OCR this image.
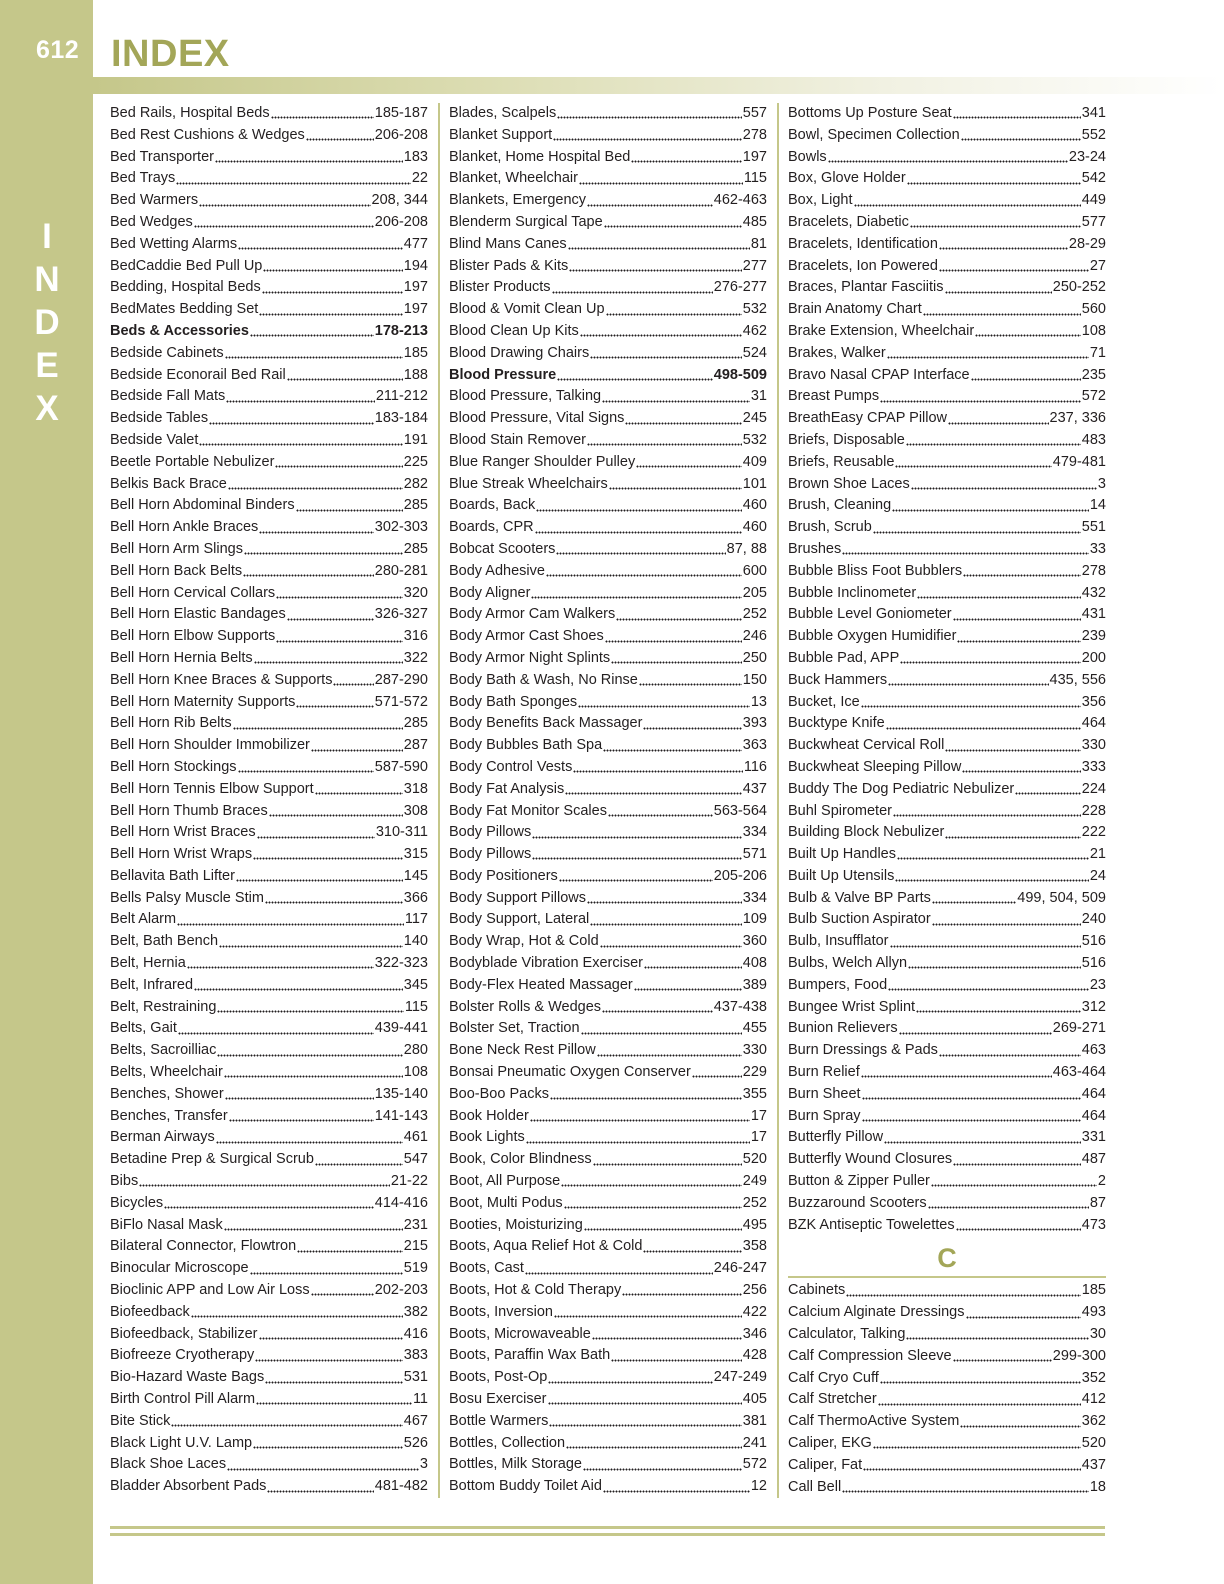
612
I
N
D
E
X
INDEX
Bed Rails, Hospital Beds	185-187
Bed Rest Cushions & Wedges	206-208
Bed Transporter	183
Bed Trays	22
Bed Warmers	208, 344
Bed Wedges	206-208
Bed Wetting Alarms	477
BedCaddie Bed Pull Up	194
Bedding, Hospital Beds	197
BedMates Bedding Set	197
Beds & Accessories	178-213
Bedside Cabinets	185
Bedside Econorail Bed Rail	188
Bedside Fall Mats	211-212
Bedside Tables	183-184
Bedside Valet	191
Beetle Portable Nebulizer	225
Belkis Back Brace	282
Bell Horn Abdominal Binders	285
Bell Horn Ankle Braces	302-303
Bell Horn Arm Slings	285
Bell Horn Back Belts	280-281
Bell Horn Cervical Collars	320
Bell Horn Elastic Bandages	326-327
Bell Horn Elbow Supports	316
Bell Horn Hernia Belts	322
Bell Horn Knee Braces & Supports	287-290
Bell Horn Maternity Supports	571-572
Bell Horn Rib Belts	285
Bell Horn Shoulder Immobilizer	287
Bell Horn Stockings	587-590
Bell Horn Tennis Elbow Support	318
Bell Horn Thumb Braces	308
Bell Horn Wrist Braces	310-311
Bell Horn Wrist Wraps	315
Bellavita Bath Lifter	145
Bells Palsy Muscle Stim	366
Belt Alarm	117
Belt, Bath Bench	140
Belt, Hernia	322-323
Belt, Infrared	345
Belt, Restraining	115
Belts, Gait	439-441
Belts, Sacroilliac	280
Belts, Wheelchair	108
Benches, Shower	135-140
Benches, Transfer	141-143
Berman Airways	461
Betadine Prep & Surgical Scrub	547
Bibs	21-22
Bicycles	414-416
BiFlo Nasal Mask	231
Bilateral Connector, Flowtron	215
Binocular Microscope	519
Bioclinic APP and Low Air Loss	202-203
Biofeedback	382
Biofeedback, Stabilizer	416
Biofreeze Cryotherapy	383
Bio-Hazard Waste Bags	531
Birth Control Pill Alarm	11
Bite Stick	467
Black Light U.V. Lamp	526
Black Shoe Laces	3
Bladder Absorbent Pads	481-482
Blades, Scalpels	557
Blanket Support	278
Blanket, Home Hospital Bed	197
Blanket, Wheelchair	115
Blankets, Emergency	462-463
Blenderm Surgical Tape	485
Blind Mans Canes	81
Blister Pads & Kits	277
Blister Products	276-277
Blood & Vomit Clean Up	532
Blood Clean Up Kits	462
Blood Drawing Chairs	524
Blood Pressure	498-509
Blood Pressure, Talking	31
Blood Pressure, Vital Signs	245
Blood Stain Remover	532
Blue Ranger Shoulder Pulley	409
Blue Streak Wheelchairs	101
Boards, Back	460
Boards, CPR	460
Bobcat Scooters	87, 88
Body Adhesive	600
Body Aligner	205
Body Armor Cam Walkers	252
Body Armor Cast Shoes	246
Body Armor Night Splints	250
Body Bath & Wash, No Rinse	150
Body Bath Sponges	13
Body Benefits Back Massager	393
Body Bubbles Bath Spa	363
Body Control Vests	116
Body Fat Analysis	437
Body Fat Monitor Scales	563-564
Body Pillows	334
Body Pillows	571
Body Positioners	205-206
Body Support Pillows	334
Body Support, Lateral	109
Body Wrap, Hot & Cold	360
Bodyblade Vibration Exerciser	408
Body-Flex Heated Massager	389
Bolster Rolls & Wedges	437-438
Bolster Set, Traction	455
Bone Neck Rest Pillow	330
Bonsai Pneumatic Oxygen Conserver	229
Boo-Boo Packs	355
Book Holder	17
Book Lights	17
Book, Color Blindness	520
Boot, All Purpose	249
Boot, Multi Podus	252
Booties, Moisturizing	495
Boots, Aqua Relief Hot & Cold	358
Boots, Cast	246-247
Boots, Hot & Cold Therapy	256
Boots, Inversion	422
Boots, Microwaveable	346
Boots, Paraffin Wax Bath	428
Boots, Post-Op	247-249
Bosu Exerciser	405
Bottle Warmers	381
Bottles, Collection	241
Bottles, Milk Storage	572
Bottom Buddy Toilet Aid	12
Bottoms Up Posture Seat	341
Bowl, Specimen Collection	552
Bowls	23-24
Box, Glove Holder	542
Box, Light	449
Bracelets, Diabetic	577
Bracelets, Identification	28-29
Bracelets, Ion Powered	27
Braces, Plantar Fasciitis	250-252
Brain Anatomy Chart	560
Brake Extension, Wheelchair	108
Brakes, Walker	71
Bravo Nasal CPAP Interface	235
Breast Pumps	572
BreathEasy CPAP Pillow	237, 336
Briefs, Disposable	483
Briefs, Reusable	479-481
Brown Shoe Laces	3
Brush, Cleaning	14
Brush, Scrub	551
Brushes	33
Bubble Bliss Foot Bubblers	278
Bubble Inclinometer	432
Bubble Level Goniometer	431
Bubble Oxygen Humidifier	239
Bubble Pad, APP	200
Buck Hammers	435, 556
Bucket, Ice	356
Bucktype Knife	464
Buckwheat Cervical Roll	330
Buckwheat Sleeping Pillow	333
Buddy The Dog Pediatric Nebulizer	224
Buhl Spirometer	228
Building Block Nebulizer	222
Built Up Handles	21
Built Up Utensils	24
Bulb & Valve BP Parts	499, 504, 509
Bulb Suction Aspirator	240
Bulb, Insufflator	516
Bulbs, Welch Allyn	516
Bumpers, Food	23
Bungee Wrist Splint	312
Bunion Relievers	269-271
Burn Dressings & Pads	463
Burn Relief	463-464
Burn Sheet	464
Burn Spray	464
Butterfly Pillow	331
Butterfly Wound Closures	487
Button & Zipper Puller	2
Buzzaround Scooters	87
BZK Antiseptic Towelettes	473
C
Cabinets	185
Calcium Alginate Dressings	493
Calculator, Talking	30
Calf Compression Sleeve	299-300
Calf Cryo Cuff	352
Calf Stretcher	412
Calf ThermoActive System	362
Caliper, EKG	520
Caliper, Fat	437
Call Bell	18
